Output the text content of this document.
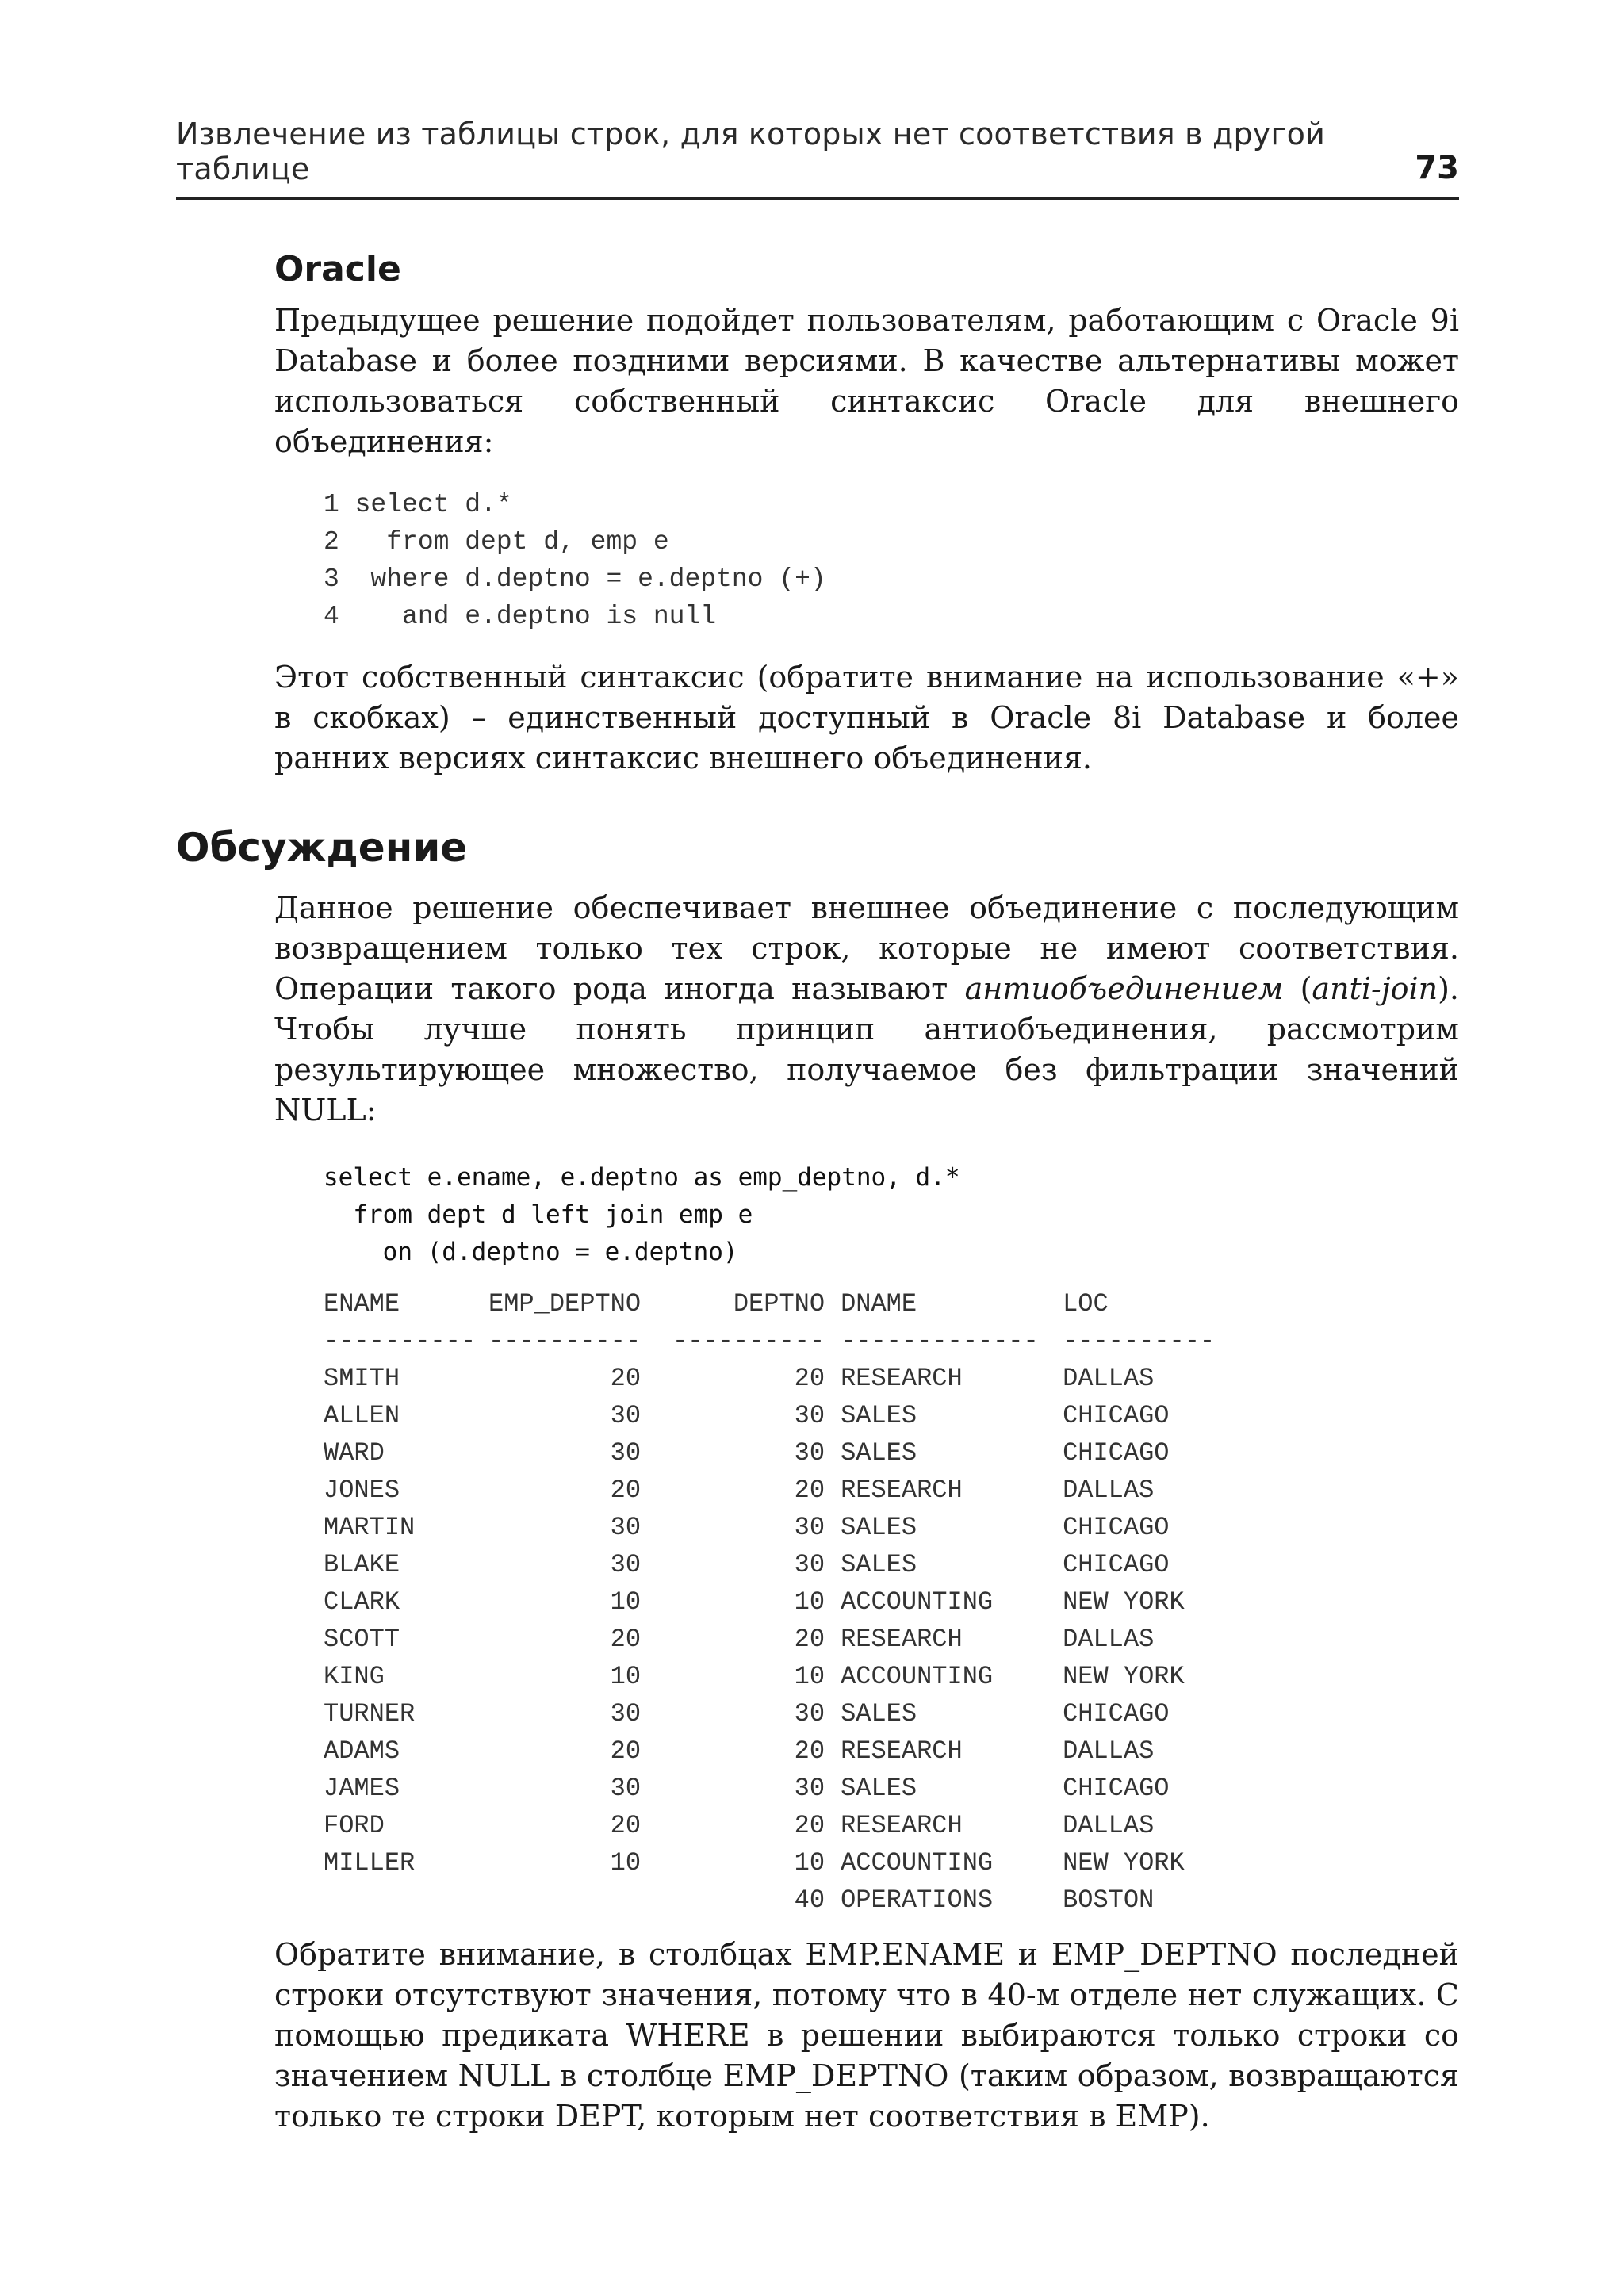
Извлечение из таблицы строк, для которых нет соответствия в другой таблице	73
Oracle

Предыдущее решение подойдет пользователям, работающим с Oracle 9i Database и более поздними версиями. В качестве альтернативы может использоваться собственный синтаксис Oracle для внешнего объединения:

1 select d.*
2   from dept d, emp e
3  where d.deptno = e.deptno (+)
4    and e.deptno is null

Этот собственный синтаксис (обратите внимание на использование «+» в скобках) – единственный доступный в Oracle 8i Database и более ранних версиях синтаксис внешнего объединения.

Обсуждение

Данное решение обеспечивает внешнее объединение с последующим возвращением только тех строк, которые не имеют соответствия. Операции такого рода иногда называют антиобъединением (anti-join). Чтобы лучше понять принцип антиобъединения, рассмотрим результирующее множество, получаемое без фильтрации значений NULL:

select e.ename, e.deptno as emp_deptno, d.*
from dept d left join emp e
on (d.deptno = e.deptno)
ENAME	EMP_DEPTNO		DEPTNO		DNAME	LOC
----------	----------		----------		-------------	----------
SMITH	20		20		RESEARCH	DALLAS
ALLEN	30		30		SALES	CHICAGO
WARD	30		30		SALES	CHICAGO
JONES	20		20		RESEARCH	DALLAS
MARTIN	30		30		SALES	CHICAGO
BLAKE	30		30		SALES	CHICAGO
CLARK	10		10		ACCOUNTING	NEW YORK
SCOTT	20		20		RESEARCH	DALLAS
KING	10		10		ACCOUNTING	NEW YORK
TURNER	30		30		SALES	CHICAGO
ADAMS	20		20		RESEARCH	DALLAS
JAMES	30		30		SALES	CHICAGO
FORD	20		20		RESEARCH	DALLAS
MILLER	10		10		ACCOUNTING	NEW YORK
			40		OPERATIONS	BOSTON

Обратите внимание, в столбцах EMP.ENAME и EMP_DEPTNO последней строки отсутствуют значения, потому что в 40-м отделе нет служащих. С помощью предиката WHERE в решении выбираются только строки со значением NULL в столбце EMP_DEPTNO (таким образом, возвращаются только те строки DEPT, которым нет соответствия в EMP).
